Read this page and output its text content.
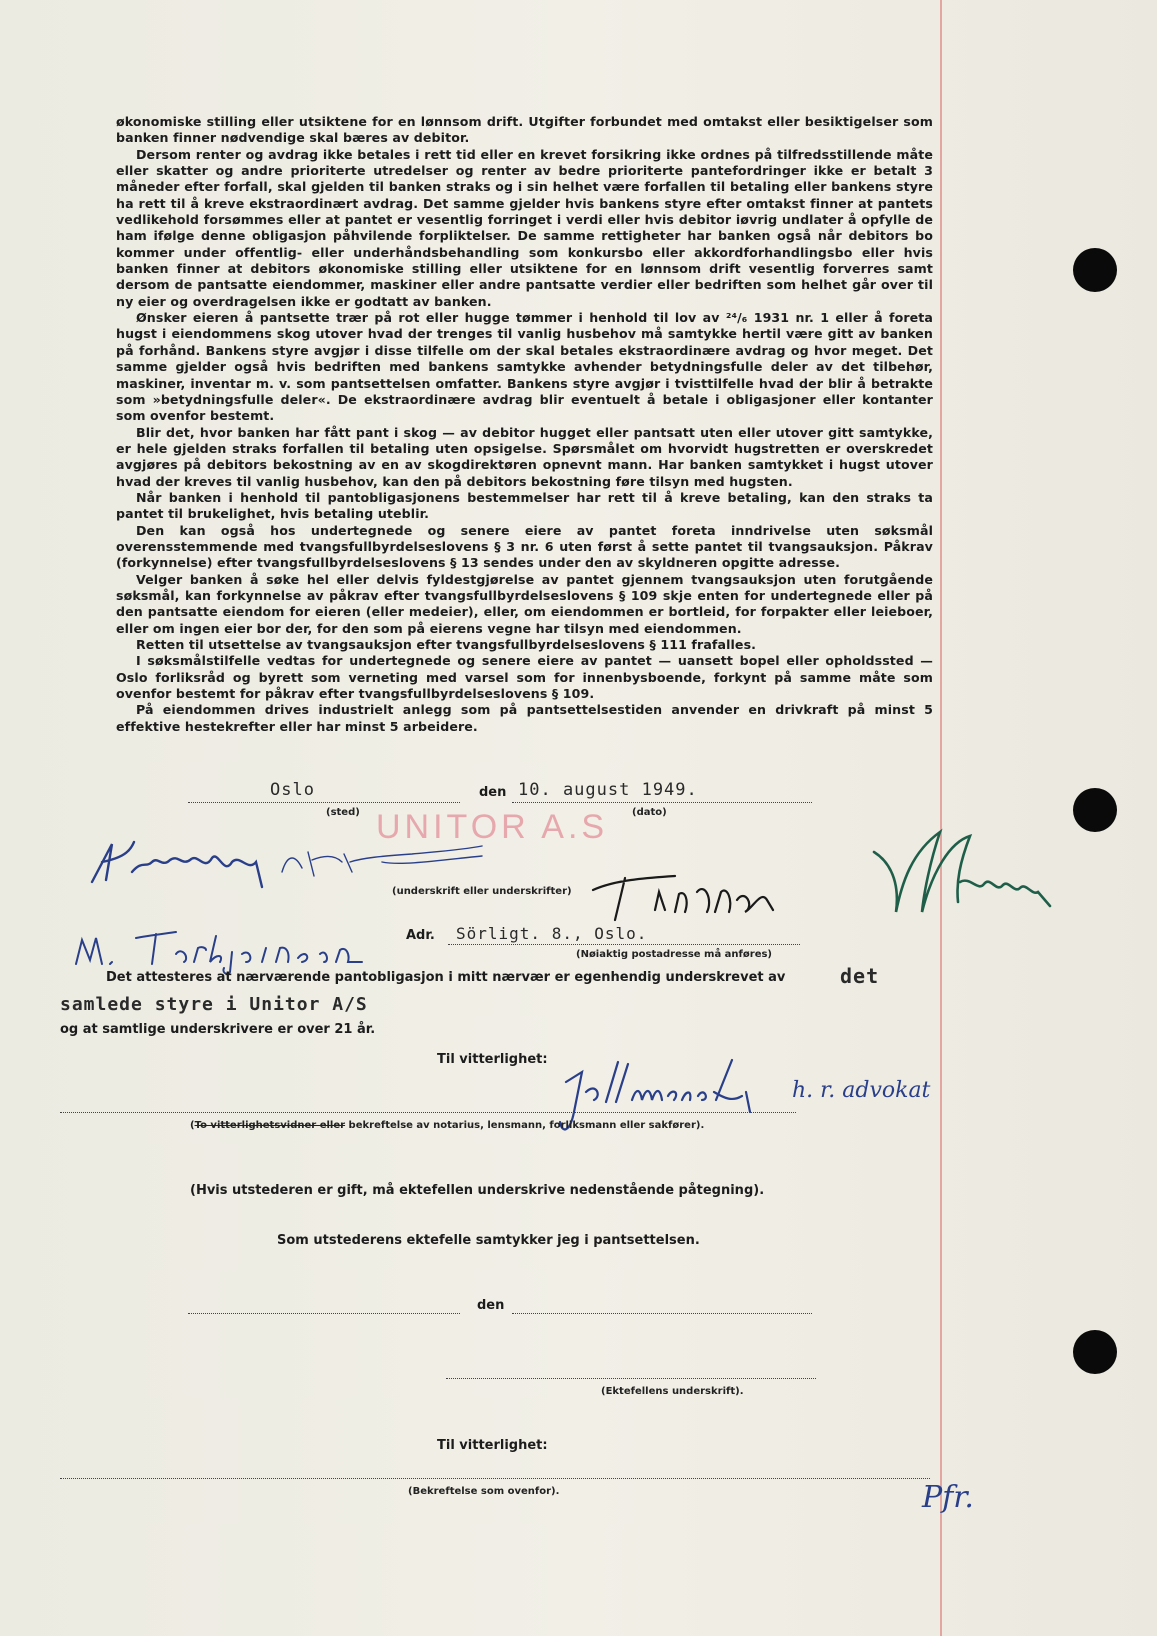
økonomiske stilling eller utsiktene for en lønnsom drift. Utgifter forbundet med omtakst eller besiktigelser som banken finner nødvendige skal bæres av debitor.

Dersom renter og avdrag ikke betales i rett tid eller en krevet forsikring ikke ordnes på tilfredsstillende måte eller skatter og andre prioriterte utredelser og renter av bedre prioriterte pantefordringer ikke er betalt 3 måneder efter forfall, skal gjelden til banken straks og i sin helhet være forfallen til betaling eller bankens styre ha rett til å kreve ekstraordinært avdrag. Det samme gjelder hvis bankens styre efter omtakst finner at pantets vedlikehold forsømmes eller at pantet er vesentlig forringet i verdi eller hvis debitor iøvrig undlater å opfylle de ham ifølge denne obligasjon påhvilende forpliktelser. De samme rettigheter har banken også når debitors bo kommer under offentlig- eller underhåndsbehandling som konkursbo eller akkordforhandlingsbo eller hvis banken finner at debitors økonomiske stilling eller utsiktene for en lønnsom drift vesentlig forverres samt dersom de pantsatte eiendommer, maskiner eller andre pantsatte verdier eller bedriften som helhet går over til ny eier og overdragelsen ikke er godtatt av banken.

Ønsker eieren å pantsette trær på rot eller hugge tømmer i henhold til lov av ²⁴/₆ 1931 nr. 1 eller å foreta hugst i eiendommens skog utover hvad der trenges til vanlig husbehov må samtykke hertil være gitt av banken på forhånd. Bankens styre avgjør i disse tilfelle om der skal betales ekstraordinære avdrag og hvor meget. Det samme gjelder også hvis bedriften med bankens samtykke avhender betydningsfulle deler av det tilbehør, maskiner, inventar m. v. som pantsettelsen omfatter. Bankens styre avgjør i tvisttilfelle hvad der blir å betrakte som »betydningsfulle deler«. De ekstraordinære avdrag blir eventuelt å betale i obligasjoner eller kontanter som ovenfor bestemt.

Blir det, hvor banken har fått pant i skog — av debitor hugget eller pantsatt uten eller utover gitt samtykke, er hele gjelden straks forfallen til betaling uten opsigelse. Spørsmålet om hvorvidt hugstretten er overskredet avgjøres på debitors bekostning av en av skogdirektøren opnevnt mann. Har banken samtykket i hugst utover hvad der kreves til vanlig husbehov, kan den på debitors bekostning føre tilsyn med hugsten.

Når banken i henhold til pantobligasjonens bestemmelser har rett til å kreve betaling, kan den straks ta pantet til brukelighet, hvis betaling uteblir.

Den kan også hos undertegnede og senere eiere av pantet foreta inndrivelse uten søksmål overensstemmende med tvangsfullbyrdelseslovens § 3 nr. 6 uten først å sette pantet til tvangsauksjon. Påkrav (forkynnelse) efter tvangsfullbyrdelseslovens § 13 sendes under den av skyldneren opgitte adresse.

Velger banken å søke hel eller delvis fyldestgjørelse av pantet gjennem tvangsauksjon uten forutgående søksmål, kan forkynnelse av påkrav efter tvangsfullbyrdelseslovens § 109 skje enten for undertegnede eller på den pantsatte eiendom for eieren (eller medeier), eller, om eiendommen er bortleid, for forpakter eller leieboer, eller om ingen eier bor der, for den som på eierens vegne har tilsyn med eiendommen.

Retten til utsettelse av tvangsauksjon efter tvangsfullbyrdelseslovens § 111 frafalles.

I søksmålstilfelle vedtas for undertegnede og senere eiere av pantet — uansett bopel eller opholdssted — Oslo forliksråd og byrett som verneting med varsel som for innenbysboende, forkynt på samme måte som ovenfor bestemt for påkrav efter tvangsfullbyrdelseslovens § 109.

På eiendommen drives industrielt anlegg som på pantsettelsestiden anvender en drivkraft på minst 5 effektive hestekrefter eller har minst 5 arbeidere.

Oslo
(sted)
den 10. august 1949.
(dato)
UNITOR A.S
(underskrift eller underskrifter)
Adr. Sörligt. 8., Oslo.
(Nøiaktig postadresse må anføres)
Det attesteres at nærværende pantobligasjon i mitt nærvær er egenhendig underskrevet av	det
samlede styre i Unitor A/S
og at samtlige underskrivere er over 21 år.
Til vitterlighet:
h. r. advokat
(To vitterlighetsvidner eller bekreftelse av notarius, lensmann, forliksmann eller sakfører).
(Hvis utstederen er gift, må ektefellen underskrive nedenstående påtegning).
Som utstederens ektefelle samtykker jeg i pantsettelsen.
den
(Ektefellens underskrift).
Til vitterlighet:
(Bekreftelse som ovenfor).	Pfr.
